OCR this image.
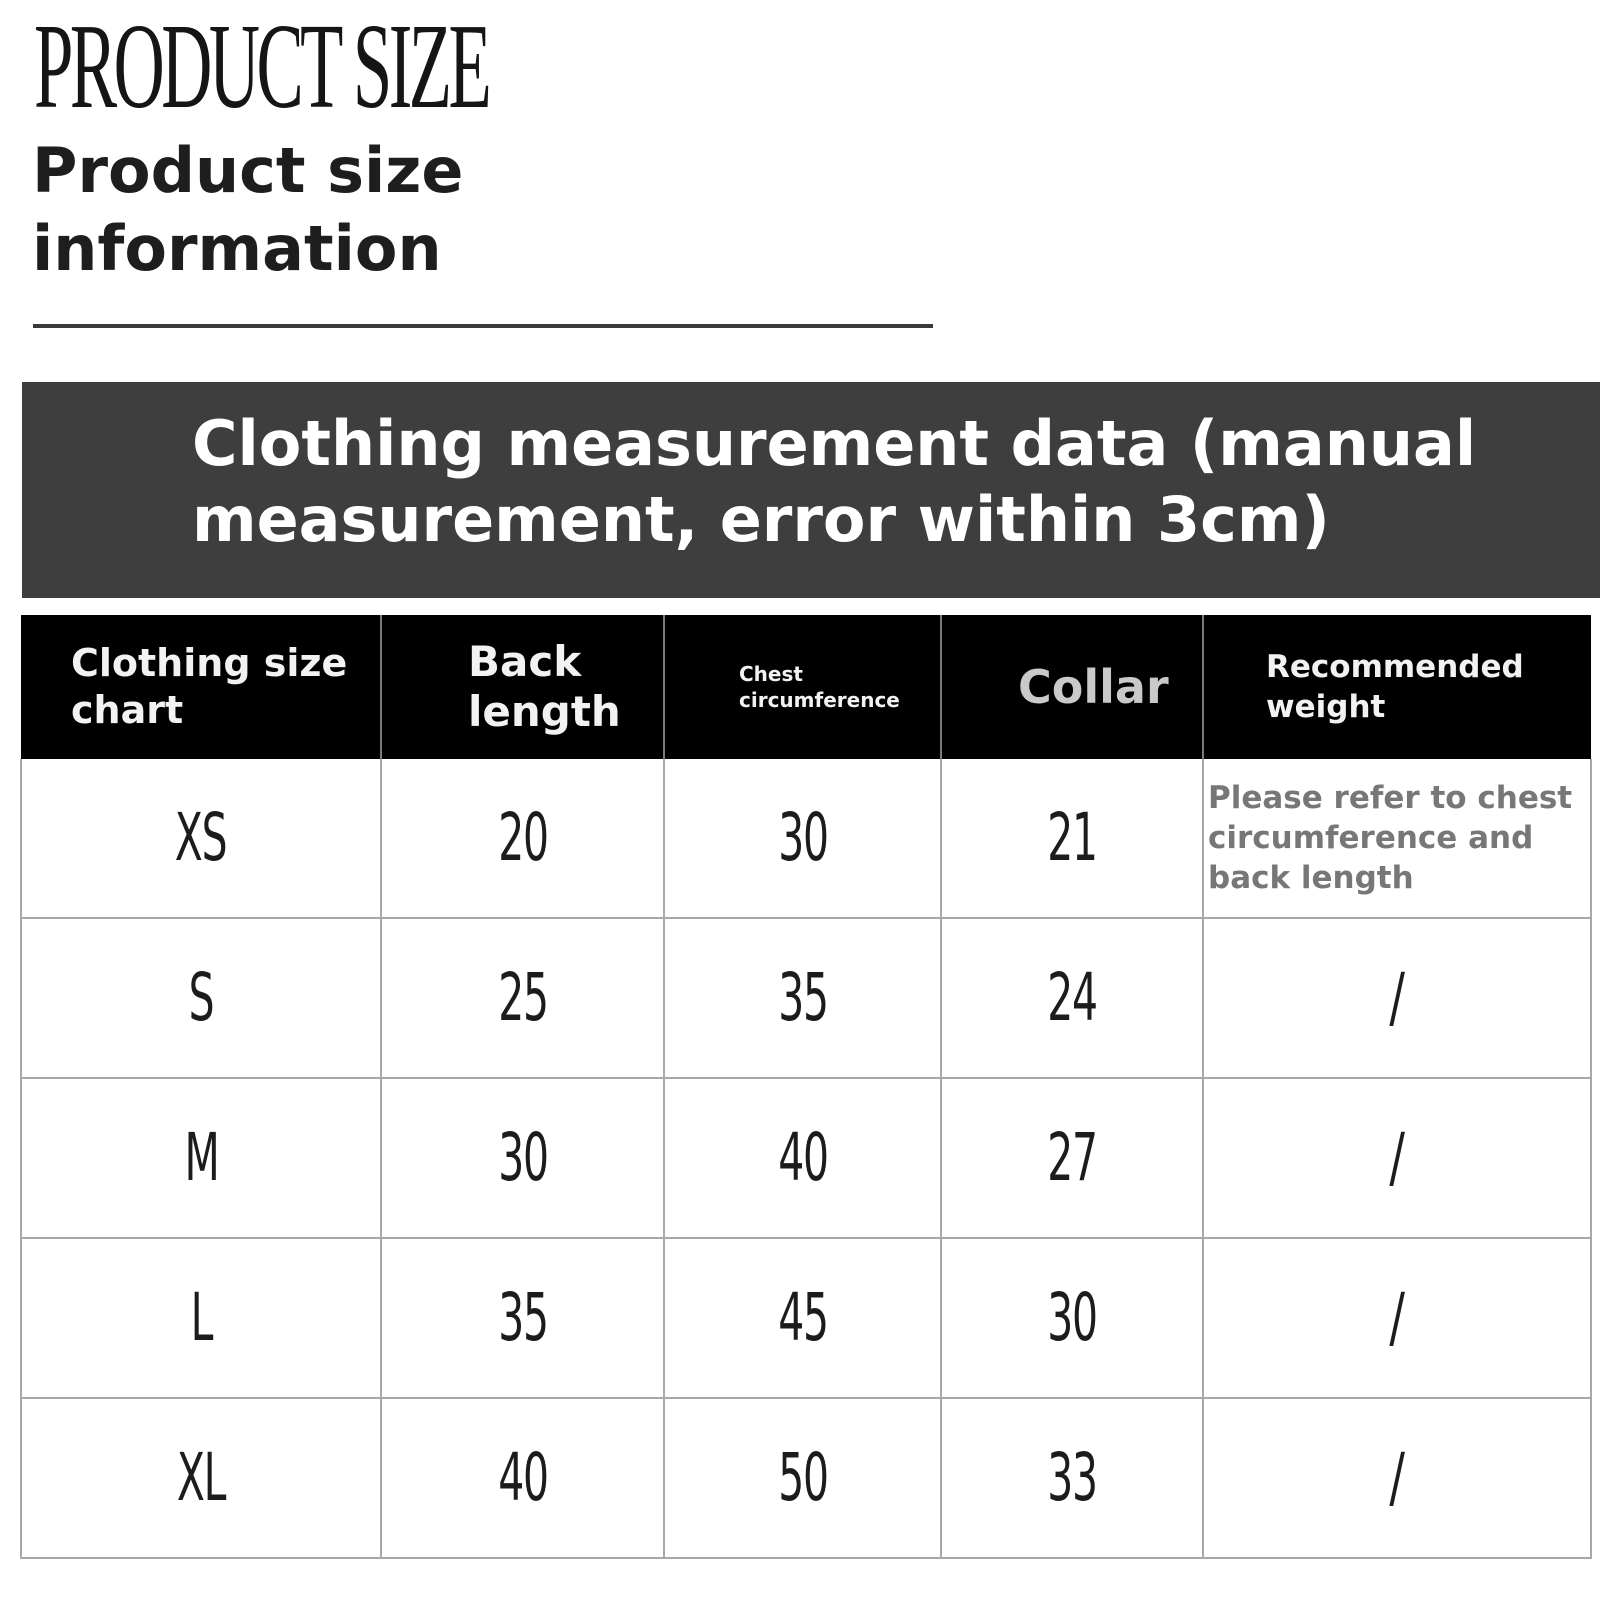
PRODUCT SIZE
Product size information
Clothing measurement data (manual measurement, error within 3cm)
Clothing size chart	Back length	Chest circumference	Collar	Recommended weight

XS	20	30	21	Please refer to chest circumference and back length

S	25	35	24	/
M	30	40	27	/
L	35	45	30	/
XL	40	50	33	/
